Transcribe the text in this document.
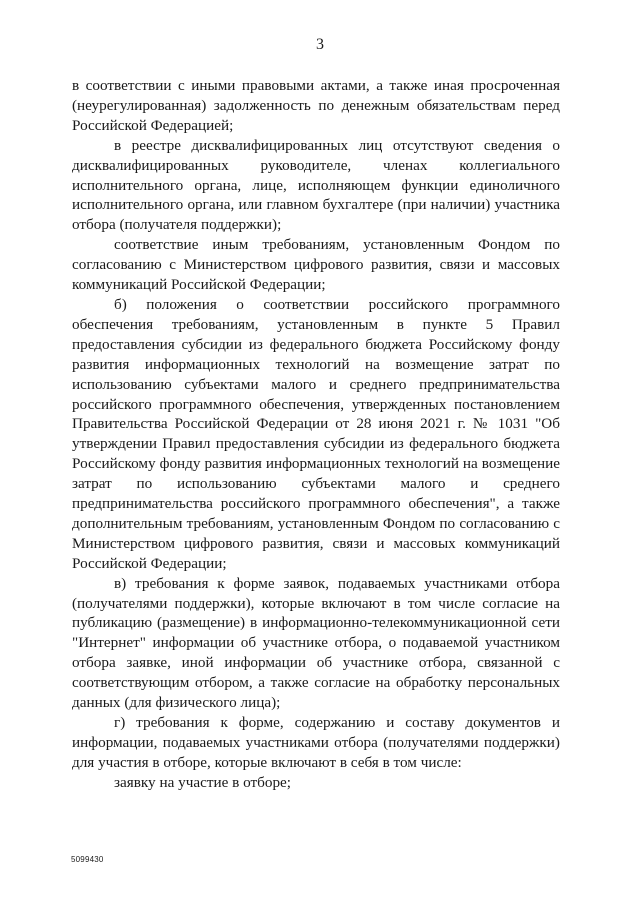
3

в соответствии с иными правовыми актами, а также иная просроченная (неурегулированная) задолженность по денежным обязательствам перед Российской Федерацией;

в реестре дисквалифицированных лиц отсутствуют сведения о дисквалифицированных руководителе, членах коллегиального исполнительного органа, лице, исполняющем функции единоличного исполнительного органа, или главном бухгалтере (при наличии) участника отбора (получателя поддержки);

соответствие иным требованиям, установленным Фондом по согласованию с Министерством цифрового развития, связи и массовых коммуникаций Российской Федерации;

б) положения о соответствии российского программного обеспечения требованиям, установленным в пункте 5 Правил предоставления субсидии из федерального бюджета Российскому фонду развития информационных технологий на возмещение затрат по использованию субъектами малого и среднего предпринимательства российского программного обеспечения, утвержденных постановлением Правительства Российской Федерации от 28 июня 2021 г. № 1031 "Об утверждении Правил предоставления субсидии из федерального бюджета Российскому фонду развития информационных технологий на возмещение затрат по использованию субъектами малого и среднего предпринимательства российского программного обеспечения", а также дополнительным требованиям, установленным Фондом по согласованию с Министерством цифрового развития, связи и массовых коммуникаций Российской Федерации;

в) требования к форме заявок, подаваемых участниками отбора (получателями поддержки), которые включают в том числе согласие на публикацию (размещение) в информационно-телекоммуникационной сети "Интернет" информации об участнике отбора, о подаваемой участником отбора заявке, иной информации об участнике отбора, связанной с соответствующим отбором, а также согласие на обработку персональных данных (для физического лица);

г) требования к форме, содержанию и составу документов и информации, подаваемых участниками отбора (получателями поддержки) для участия в отборе, которые включают в себя в том числе:

заявку на участие в отборе;

5099430
